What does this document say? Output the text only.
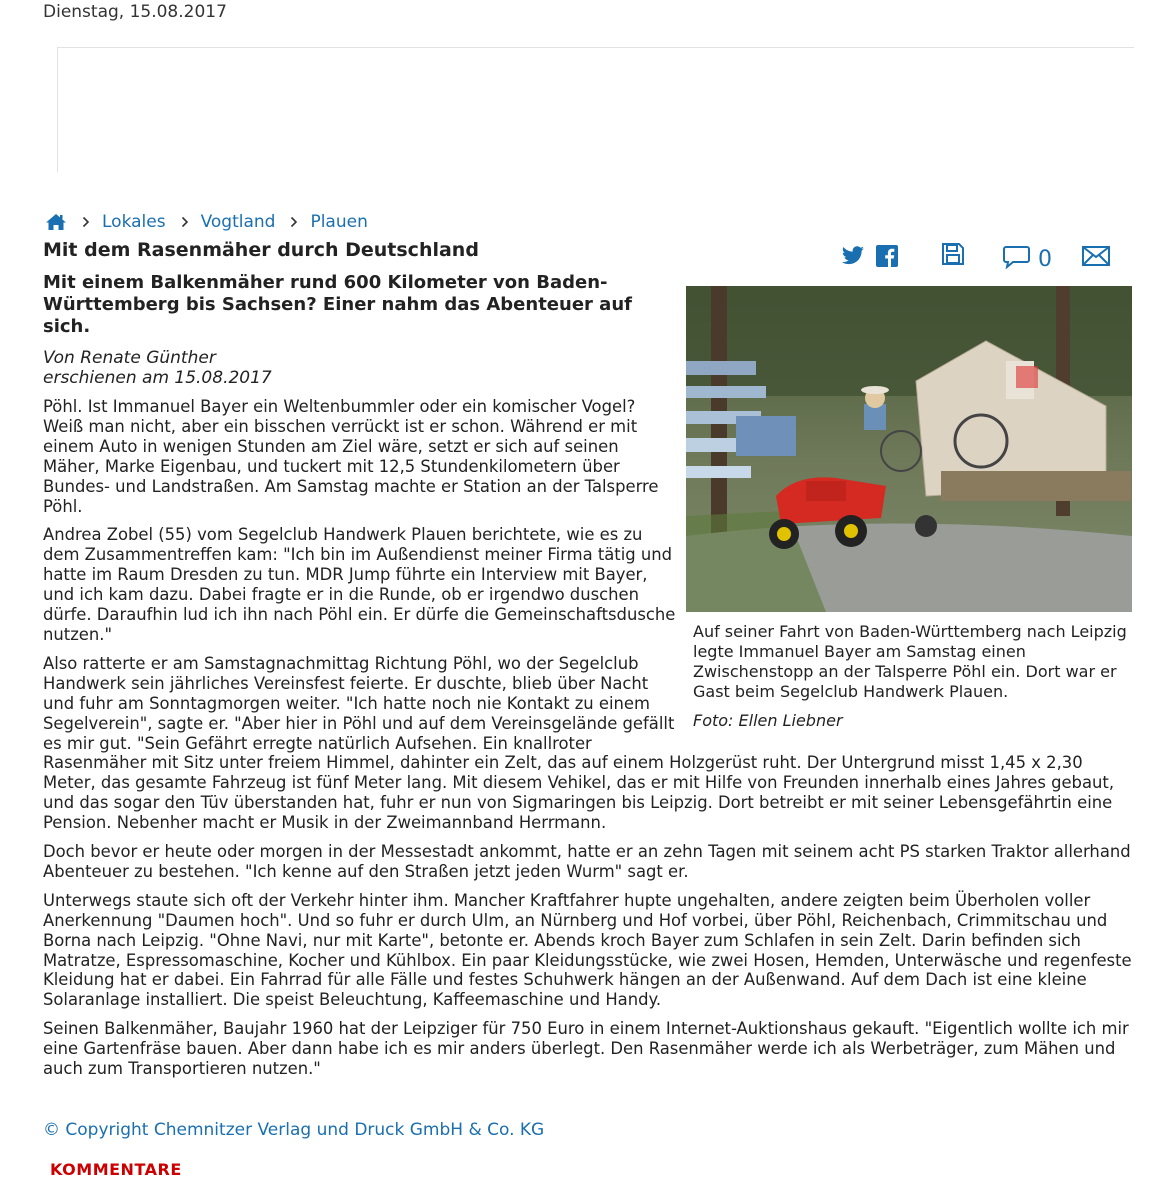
Dienstag, 15.08.2017
Lokales Vogtland Plauen
Mit dem Rasenmäher durch Deutschland	0
Mit einem Balkenmäher rund 600 Kilometer von Baden-Württemberg bis Sachsen? Einer nahm das Abenteuer auf sich.
Von Renate Günther
erschienen am 15.08.2017
Auf seiner Fahrt von Baden-Württemberg nach Leipzig legte Immanuel Bayer am Samstag einen Zwischenstopp an der Talsperre Pöhl ein. Dort war er Gast beim Segelclub Handwerk Plauen.
Foto: Ellen Liebner

Pöhl. Ist Immanuel Bayer ein Weltenbummler oder ein komischer Vogel? Weiß man nicht, aber ein bisschen verrückt ist er schon. Während er mit einem Auto in wenigen Stunden am Ziel wäre, setzt er sich auf seinen Mäher, Marke Eigenbau, und tuckert mit 12,5 Stundenkilometern über Bundes- und Landstraßen. Am Samstag machte er Station an der Talsperre Pöhl.

Andrea Zobel (55) vom Segelclub Handwerk Plauen berichtete, wie es zu dem Zusammentreffen kam: "Ich bin im Außendienst meiner Firma tätig und hatte im Raum Dresden zu tun. MDR Jump führte ein Interview mit Bayer, und ich kam dazu. Dabei fragte er in die Runde, ob er irgendwo duschen dürfe. Daraufhin lud ich ihn nach Pöhl ein. Er dürfe die Gemeinschaftsdusche nutzen."

Also ratterte er am Samstagnachmittag Richtung Pöhl, wo der Segelclub Handwerk sein jährliches Vereinsfest feierte. Er duschte, blieb über Nacht und fuhr am Sonntagmorgen weiter. "Ich hatte noch nie Kontakt zu einem Segelverein", sagte er. "Aber hier in Pöhl und auf dem Vereinsgelände gefällt es mir gut. "Sein Gefährt erregte natürlich Aufsehen. Ein knallroter Rasenmäher mit Sitz unter freiem Himmel, dahinter ein Zelt, das auf einem Holzgerüst ruht. Der Untergrund misst 1,45 x 2,30 Meter, das gesamte Fahrzeug ist fünf Meter lang. Mit diesem Vehikel, das er mit Hilfe von Freunden innerhalb eines Jahres gebaut, und das sogar den Tüv überstanden hat, fuhr er nun von Sigmaringen bis Leipzig. Dort betreibt er mit seiner Lebensgefährtin eine Pension. Nebenher macht er Musik in der Zweimannband Herrmann.

Doch bevor er heute oder morgen in der Messestadt ankommt, hatte er an zehn Tagen mit seinem acht PS starken Traktor allerhand Abenteuer zu bestehen. "Ich kenne auf den Straßen jetzt jeden Wurm" sagt er.

Unterwegs staute sich oft der Verkehr hinter ihm. Mancher Kraftfahrer hupte ungehalten, andere zeigten beim Überholen voller Anerkennung "Daumen hoch". Und so fuhr er durch Ulm, an Nürnberg und Hof vorbei, über Pöhl, Reichenbach, Crimmitschau und Borna nach Leipzig. "Ohne Navi, nur mit Karte", betonte er. Abends kroch Bayer zum Schlafen in sein Zelt. Darin befinden sich Matratze, Espressomaschine, Kocher und Kühlbox. Ein paar Kleidungsstücke, wie zwei Hosen, Hemden, Unterwäsche und regenfeste Kleidung hat er dabei. Ein Fahrrad für alle Fälle und festes Schuhwerk hängen an der Außenwand. Auf dem Dach ist eine kleine Solaranlage installiert. Die speist Beleuchtung, Kaffeemaschine und Handy.

Seinen Balkenmäher, Baujahr 1960 hat der Leipziger für 750 Euro in einem Internet-Auktionshaus gekauft. "Eigentlich wollte ich mir eine Gartenfräse bauen. Aber dann habe ich es mir anders überlegt. Den Rasenmäher werde ich als Werbeträger, zum Mähen und auch zum Transportieren nutzen."

© Copyright Chemnitzer Verlag und Druck GmbH & Co. KG
KOMMENTARE
